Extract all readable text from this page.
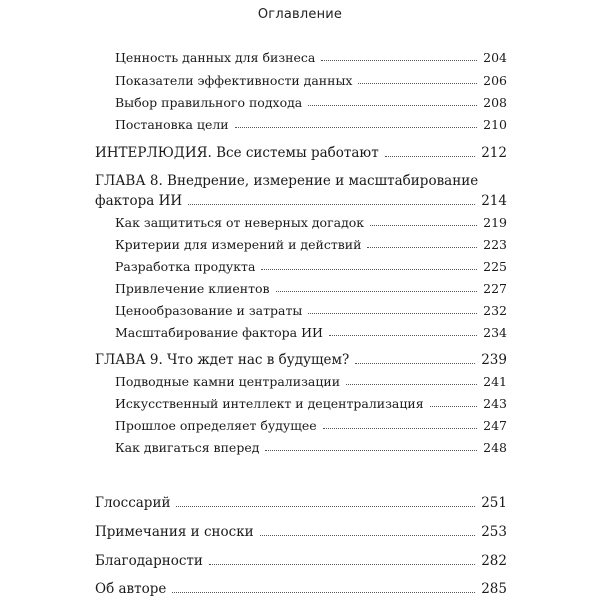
Оглавление
Ценность данных для бизнеса	204
Показатели эффективности данных	206
Выбор правильного подхода	208
Постановка цели	210
ИНТЕРЛЮДИЯ. Все системы работают	212
ГЛАВА 8. Внедрение, измерение и масштабирование
фактора ИИ	214
Как защититься от неверных догадок	219
Критерии для измерений и действий	223
Разработка продукта	225
Привлечение клиентов	227
Ценообразование и затраты	232
Масштабирование фактора ИИ	234
ГЛАВА 9. Что ждет нас в будущем?	239
Подводные камни централизации	241
Искусственный интеллект и децентрализация	243
Прошлое определяет будущее	247
Как двигаться вперед	248
Глоссарий	251
Примечания и сноски	253
Благодарности	282
Об авторе	285
